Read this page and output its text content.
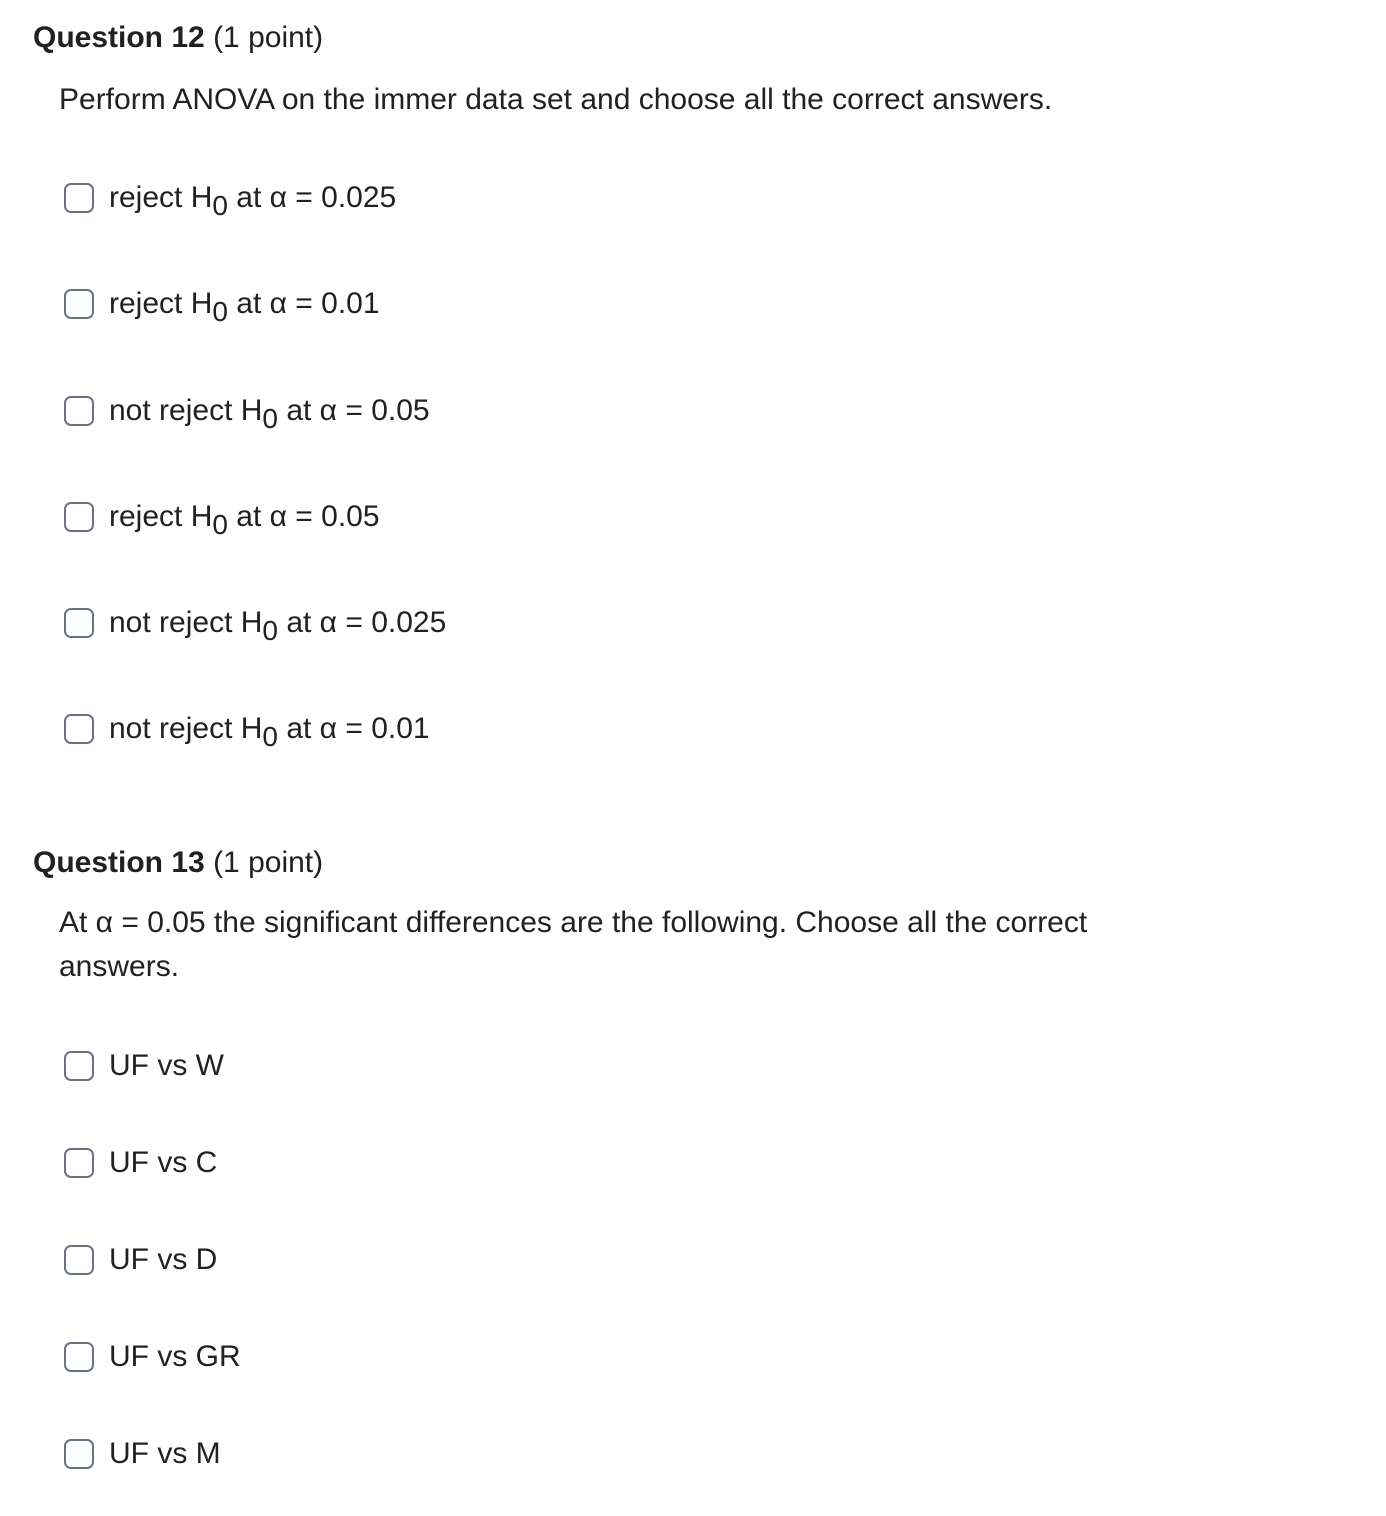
Question 12 (1 point)
Perform ANOVA on the immer data set and choose all the correct answers.
reject $H_0$ at α = 0.025
reject $H_0$ at α = 0.01
not reject $H_0$ at α = 0.05
reject $H_0$ at α = 0.05
not reject $H_0$ at α = 0.025
not reject $H_0$ at α = 0.01
Question 13 (1 point)
At α = 0.05 the significant differences are the following. Choose all the correct answers.
UF vs W
UF vs C
UF vs D
UF vs GR
UF vs M
